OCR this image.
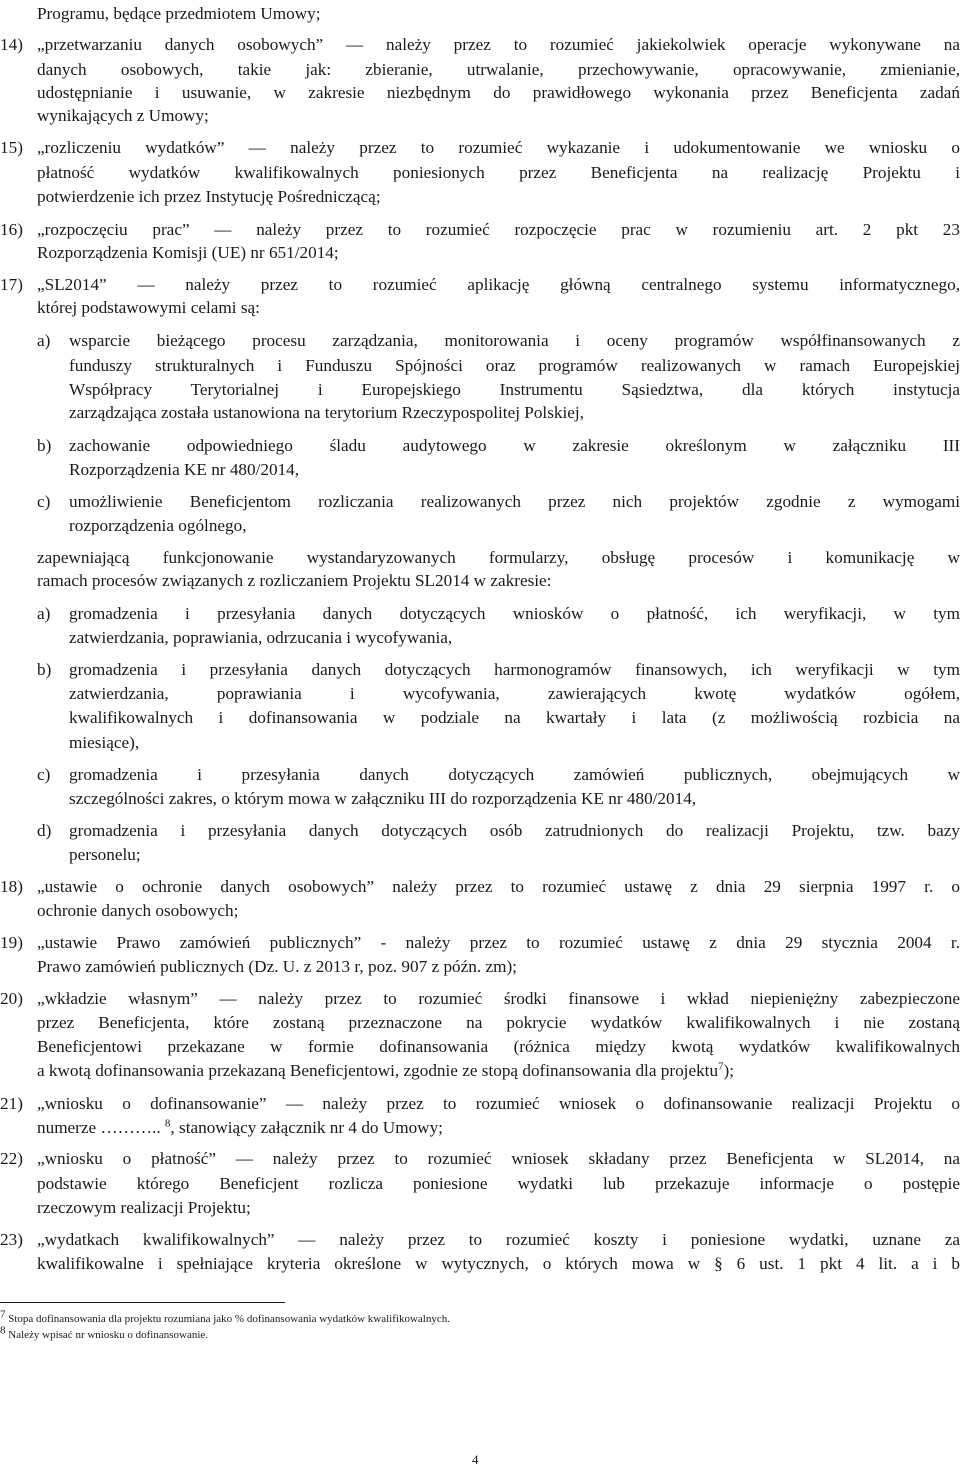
Programu, będące przedmiotem Umowy;
14) „przetwarzaniu danych osobowych” — należy przez to rozumieć jakiekolwiek operacje wykonywane na
danych osobowych, takie jak: zbieranie, utrwalanie, przechowywanie, opracowywanie, zmienianie,
udostępnianie i usuwanie, w zakresie niezbędnym do prawidłowego wykonania przez Beneficjenta zadań
wynikających z Umowy;
15) „rozliczeniu wydatków” — należy przez to rozumieć wykazanie i udokumentowanie we wniosku o
płatność wydatków kwalifikowalnych poniesionych przez Beneficjenta na realizację Projektu i
potwierdzenie ich przez Instytucję Pośredniczącą;
16) „rozpoczęciu prac” — należy przez to rozumieć rozpoczęcie prac w rozumieniu art. 2 pkt 23
Rozporządzenia Komisji (UE) nr 651/2014;
17) „SL2014” — należy przez to rozumieć aplikację główną centralnego systemu informatycznego,
której podstawowymi celami są:
a) wsparcie bieżącego procesu zarządzania, monitorowania i oceny programów współfinansowanych z
funduszy strukturalnych i Funduszu Spójności oraz programów realizowanych w ramach Europejskiej
Współpracy Terytorialnej i Europejskiego Instrumentu Sąsiedztwa, dla których instytucja
zarządzająca została ustanowiona na terytorium Rzeczypospolitej Polskiej,
b) zachowanie odpowiedniego śladu audytowego w zakresie określonym w załączniku III
Rozporządzenia KE nr 480/2014,
c) umożliwienie Beneficjentom rozliczania realizowanych przez nich projektów zgodnie z wymogami
rozporządzenia ogólnego,
zapewniającą funkcjonowanie wystandaryzowanych formularzy, obsługę procesów i komunikację w
ramach procesów związanych z rozliczaniem Projektu SL2014 w zakresie:
a) gromadzenia i przesyłania danych dotyczących wniosków o płatność, ich weryfikacji, w tym
zatwierdzania, poprawiania, odrzucania i wycofywania,
b) gromadzenia i przesyłania danych dotyczących harmonogramów finansowych, ich weryfikacji w tym
zatwierdzania, poprawiania i wycofywania, zawierających kwotę wydatków ogółem,
kwalifikowalnych i dofinansowania w podziale na kwartały i lata (z możliwością rozbicia na
miesiące),
c) gromadzenia i przesyłania danych dotyczących zamówień publicznych, obejmujących w
szczególności zakres, o którym mowa w załączniku III do rozporządzenia KE nr 480/2014,
d) gromadzenia i przesyłania danych dotyczących osób zatrudnionych do realizacji Projektu, tzw. bazy
personelu;
18) „ustawie o ochronie danych osobowych” należy przez to rozumieć ustawę z dnia 29 sierpnia 1997 r. o
ochronie danych osobowych;
19) „ustawie Prawo zamówień publicznych” - należy przez to rozumieć ustawę z dnia 29 stycznia 2004 r.
Prawo zamówień publicznych (Dz. U. z 2013 r, poz. 907 z późn. zm);
20) „wkładzie własnym” — należy przez to rozumieć środki finansowe i wkład niepieniężny zabezpieczone
przez Beneficjenta, które zostaną przeznaczone na pokrycie wydatków kwalifikowalnych i nie zostaną
Beneficjentowi przekazane w formie dofinansowania (różnica między kwotą wydatków kwalifikowalnych
a kwotą dofinansowania przekazaną Beneficjentowi, zgodnie ze stopą dofinansowania dla projektu$^7$);
21) „wniosku o dofinansowanie” — należy przez to rozumieć wniosek o dofinansowanie realizacji Projektu o
numerze ……….. $^8$, stanowiący załącznik nr 4 do Umowy;
22) „wniosku o płatność” — należy przez to rozumieć wniosek składany przez Beneficjenta w SL2014, na
podstawie którego Beneficjent rozlicza poniesione wydatki lub przekazuje informacje o postępie
rzeczowym realizacji Projektu;
23) „wydatkach kwalifikowalnych” — należy przez to rozumieć koszty i poniesione wydatki, uznane za
kwalifikowalne i spełniające kryteria określone w wytycznych, o których mowa w § 6 ust. 1 pkt 4 lit. a i b
$^7$ Stopa dofinansowania dla projektu rozumiana jako % dofinansowania wydatków kwalifikowalnych.
$^8$ Należy wpisać nr wniosku o dofinansowanie.
4
